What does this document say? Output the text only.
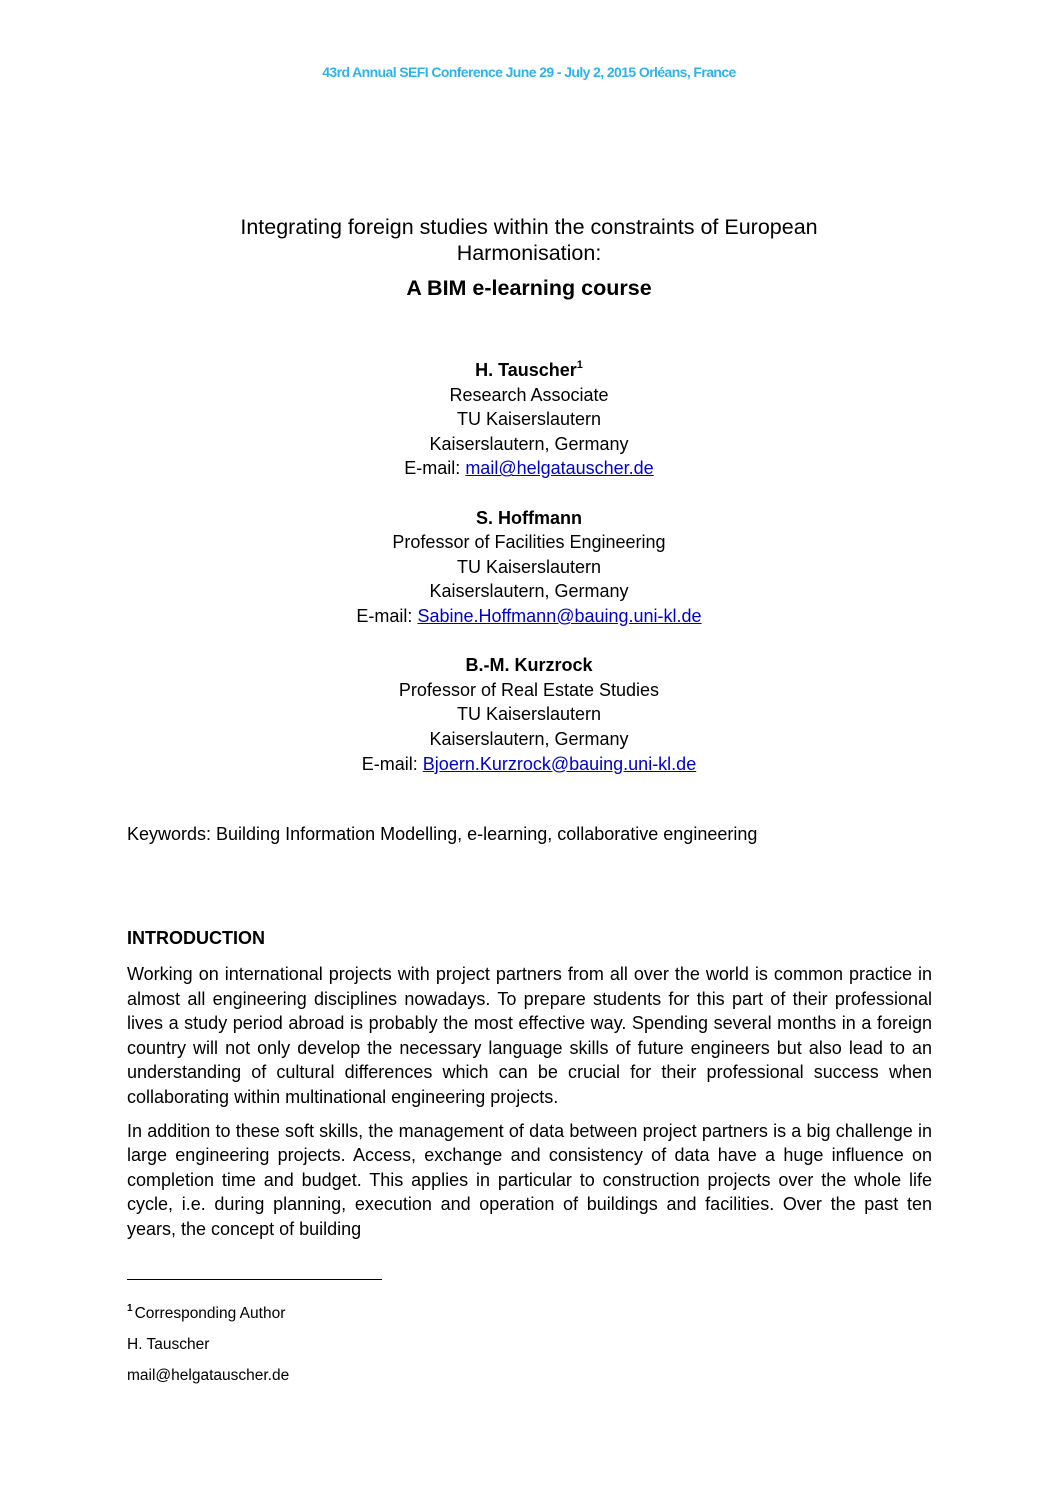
43rd Annual SEFI Conference June 29 - July 2, 2015 Orléans, France
Integrating foreign studies within the constraints of European
Harmonisation:
A BIM e-learning course
H. Tauscher$^1$
Research Associate
TU Kaiserslautern
Kaiserslautern, Germany
E-mail: mail@helgatauscher.de
S. Hoffmann
Professor of Facilities Engineering
TU Kaiserslautern
Kaiserslautern, Germany
E-mail: Sabine.Hoffmann@bauing.uni-kl.de
B.-M. Kurzrock
Professor of Real Estate Studies
TU Kaiserslautern
Kaiserslautern, Germany
E-mail: Bjoern.Kurzrock@bauing.uni-kl.de
Keywords: Building Information Modelling, e-learning, collaborative engineering
INTRODUCTION

Working on international projects with project partners from all over the world is common practice in almost all engineering disciplines nowadays. To prepare students for this part of their professional lives a study period abroad is probably the most effective way. Spending several months in a foreign country will not only develop the necessary language skills of future engineers but also lead to an understanding of cultural differences which can be crucial for their professional success when collaborating within multinational engineering projects.

In addition to these soft skills, the management of data between project partners is a big challenge in large engineering projects. Access, exchange and consistency of data have a huge influence on completion time and budget. This applies in particular to construction projects over the whole life cycle, i.e. during planning, execution and operation of buildings and facilities. Over the past ten years, the concept of building

$^1$ Corresponding Author
H. Tauscher
mail@helgatauscher.de
